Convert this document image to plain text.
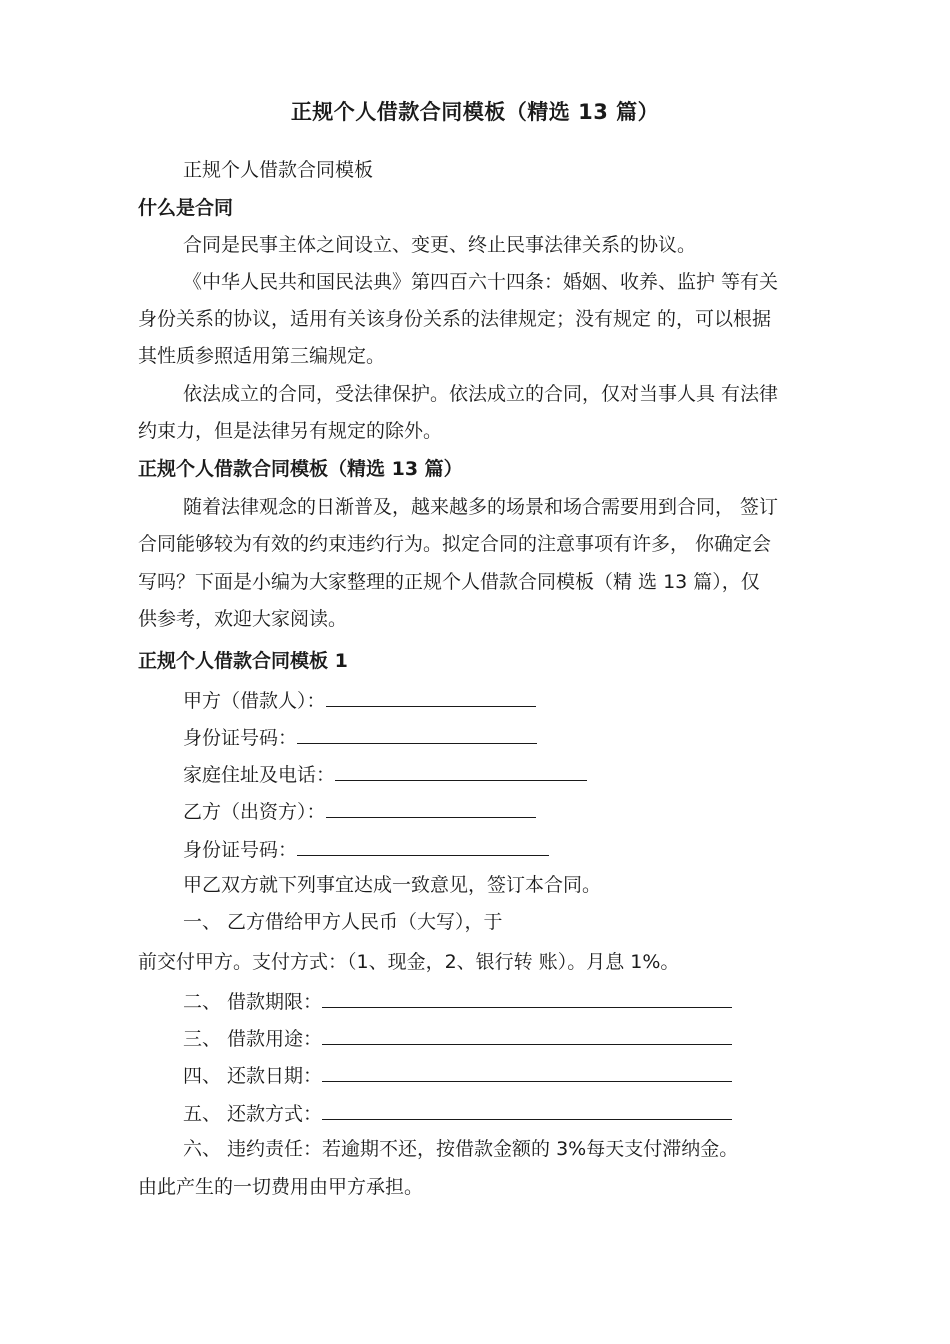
正规个人借款合同模板（精选 13 篇）
正规个人借款合同模板
什么是合同
合同是民事主体之间设立、变更、终止民事法律关系的协议。
《中华人民共和国民法典》第四百六十四条：婚姻、收养、监护 等有关
身份关系的协议，适用有关该身份关系的法律规定；没有规定 的，可以根据
其性质参照适用第三编规定。
依法成立的合同，受法律保护。依法成立的合同，仅对当事人具 有法律
约束力，但是法律另有规定的除外。
正规个人借款合同模板（精选 13 篇）
随着法律观念的日渐普及，越来越多的场景和场合需要用到合同， 签订
合同能够较为有效的约束违约行为。拟定合同的注意事项有许多， 你确定会
写吗？下面是小编为大家整理的正规个人借款合同模板（精 选 13 篇），仅
供参考，欢迎大家阅读。
正规个人借款合同模板 1
甲方（借款人）：
身份证号码：
家庭住址及电话：
乙方（出资方）：
身份证号码：
甲乙双方就下列事宜达成一致意见，签订本合同。
一、 乙方借给甲方人民币（大写），于
前交付甲方。支付方式：（1、现金，2、银行转 账）。月息 1%。
二、 借款期限：
三、 借款用途：
四、 还款日期：
五、 还款方式：
六、 违约责任：若逾期不还，按借款金额的 3%每天支付滞纳金。
由此产生的一切费用由甲方承担。
